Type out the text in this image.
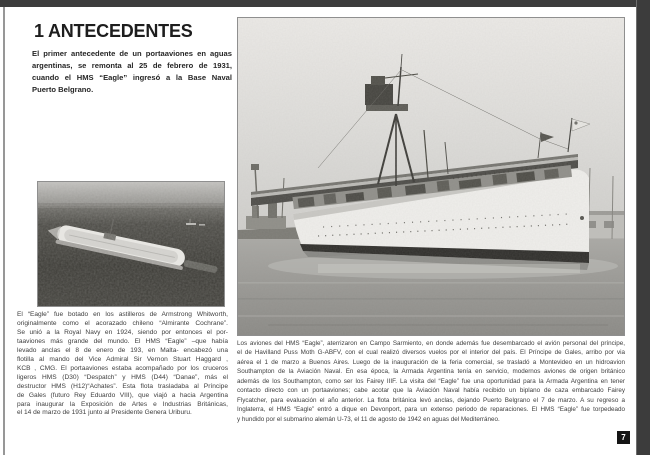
1 ANTECEDENTES
El primer antecedente de un portaaviones en aguas
argentinas, se remonta al 25 de febrero de 1931,
cuando el HMS “Eagle” ingresó a la Base Naval
Puerto Belgrano.
El “Eagle” fue botado en los astilleros de Armstrong Whitworth,
originalmente como el acorazado chileno “Almirante Cochrane”.
Se unió a la Royal Navy en 1924, siendo por entonces el por-
taaviones más grande del mundo. El HMS “Eagle” –que había
levado anclas el 8 de enero de 193, en Malta- encabezó una
flotilla al mando del Vice Admiral Sir Vernon Stuart Haggard ,
KCB , CMG. El portaaviones estaba acompañado por los cruceros
ligeros HMS (D30) “Despatch” y HMS (D44) “Danae”, más el
destructor HMS (H12)“Achates”. Esta flota trasladaba al Príncipe
de Gales (futuro Rey Eduardo VIII), que viajó a hacia Argentina
para inaugurar la Exposición de Artes e Industrias Británicas,
el 14 de marzo de 1931 junto al Presidente Genera Uriburu.
Los aviones del HMS “Eagle”, aterrizaron en Campo Sarmiento, en donde además fue desembarcado el avión personal del príncipe,
el de Havilland Puss Moth G-ABFV, con el cual realizó diversos vuelos por el interior del país. El Príncipe de Gales, arribo por via
aérea el 1 de marzo a Buenos Aires. Luego de la inauguración de la feria comercial, se trasladó a Montevideo en un hidroavion
Southampton de la Aviación Naval. En esa época, la Armada Argentina tenía en servicio, modernos aviones de origen británico
además de los Southampton, como ser los Fairey IIIF. La visita del “Eagle” fue una oportunidad para la Armada Argentina en tener
contacto directo con un portaaviones; cabe acotar que la Aviación Naval había recibido un biplano de caza embarcado Fairey
Flycatcher, para evaluación el año anterior. La flota británica levó anclas, dejando Puerto Belgrano el 7 de marzo. A su regreso a
Inglaterra, el HMS “Eagle” entró a dique en Devonport, para un extenso periodo de reparaciones. El HMS “Eagle” fue torpedeado
y hundido por el submarino alemán U-73, el 11 de agosto de 1942 en aguas del Mediterráneo.
7
